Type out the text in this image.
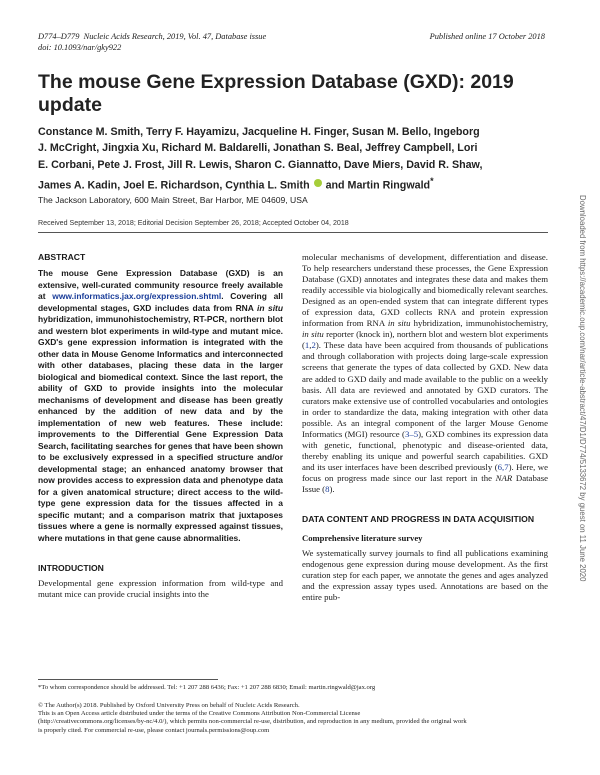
D774–D779 Nucleic Acids Research, 2019, Vol. 47, Database issue
doi: 10.1093/nar/gky922
Published online 17 October 2018
The mouse Gene Expression Database (GXD): 2019 update
Constance M. Smith, Terry F. Hayamizu, Jacqueline H. Finger, Susan M. Bello, Ingeborg
J. McCright, Jingxia Xu, Richard M. Baldarelli, Jonathan S. Beal, Jeffrey Campbell, Lori
E. Corbani, Pete J. Frost, Jill R. Lewis, Sharon C. Giannatto, Dave Miers, David R. Shaw,
James A. Kadin, Joel E. Richardson, Cynthia L. Smith and Martin Ringwald*
The Jackson Laboratory, 600 Main Street, Bar Harbor, ME 04609, USA
Received September 13, 2018; Editorial Decision September 26, 2018; Accepted October 04, 2018

ABSTRACT

The mouse Gene Expression Database (GXD) is an extensive, well-curated community resource freely available at www.informatics.jax.org/expression.shtml. Covering all developmental stages, GXD includes data from RNA in situ hybridization, immunohistochemistry, RT-PCR, northern blot and western blot experiments in wild-type and mutant mice. GXD's gene expression information is integrated with the other data in Mouse Genome Informatics and interconnected with other databases, placing these data in the larger biological and biomedical context. Since the last report, the ability of GXD to provide insights into the molecular mechanisms of development and disease has been greatly enhanced by the addition of new data and by the implementation of new web features. These include: improvements to the Differential Gene Expression Data Search, facilitating searches for genes that have been shown to be exclusively expressed in a specified structure and/or developmental stage; an enhanced anatomy browser that now provides access to expression data and phenotype data for a given anatomical structure; direct access to the wild-type gene expression data for the tissues affected in a specific mutant; and a comparison matrix that juxtaposes tissues where a gene is normally expressed against tissues, where mutations in that gene cause abnormalities.

INTRODUCTION

Developmental gene expression information from wild-type and mutant mice can provide crucial insights into the

molecular mechanisms of development, differentiation and disease. To help researchers understand these processes, the Gene Expression Database (GXD) annotates and integrates these data and makes them readily accessible via biologically and biomedically relevant searches. Designed as an open-ended system that can integrate different types of expression data, GXD collects RNA and protein expression information from RNA in situ hybridization, immunohistochemistry, in situ reporter (knock in), northern blot and western blot experiments (1,2). These data have been acquired from thousands of publications and through collaboration with projects doing large-scale expression screens that generate the types of data collected by GXD. New data are added to GXD daily and made available to the public on a weekly basis. All data are reviewed and annotated by GXD curators. The curators make extensive use of controlled vocabularies and ontologies in order to standardize the data, making integration with other data possible. As an integral component of the larger Mouse Genome Informatics (MGI) resource (3–5), GXD combines its expression data with genetic, functional, phenotypic and disease-oriented data, thereby enabling its unique and powerful search capabilities. GXD and its user interfaces have been described previously (6,7). Here, we focus on progress made since our last report in the NAR Database Issue (8).

DATA CONTENT AND PROGRESS IN DATA ACQUISITION

Comprehensive literature survey

We systematically survey journals to find all publications examining endogenous gene expression during mouse development. As the first curation step for each paper, we annotate the genes and ages analyzed and the expression assay types used. Annotations are based on the entire pub-

*To whom correspondence should be addressed. Tel: +1 207 288 6436; Fax: +1 207 288 6830; Email: martin.ringwald@jax.org
© The Author(s) 2018. Published by Oxford University Press on behalf of Nucleic Acids Research.
This is an Open Access article distributed under the terms of the Creative Commons Attribution Non-Commercial License
(http://creativecommons.org/licenses/by-nc/4.0/), which permits non-commercial re-use, distribution, and reproduction in any medium, provided the original work
is properly cited. For commercial re-use, please contact journals.permissions@oup.com
Downloaded from https://academic.oup.com/nar/article-abstract/47/D1/D774/5133672 by guest on 11 June 2020
